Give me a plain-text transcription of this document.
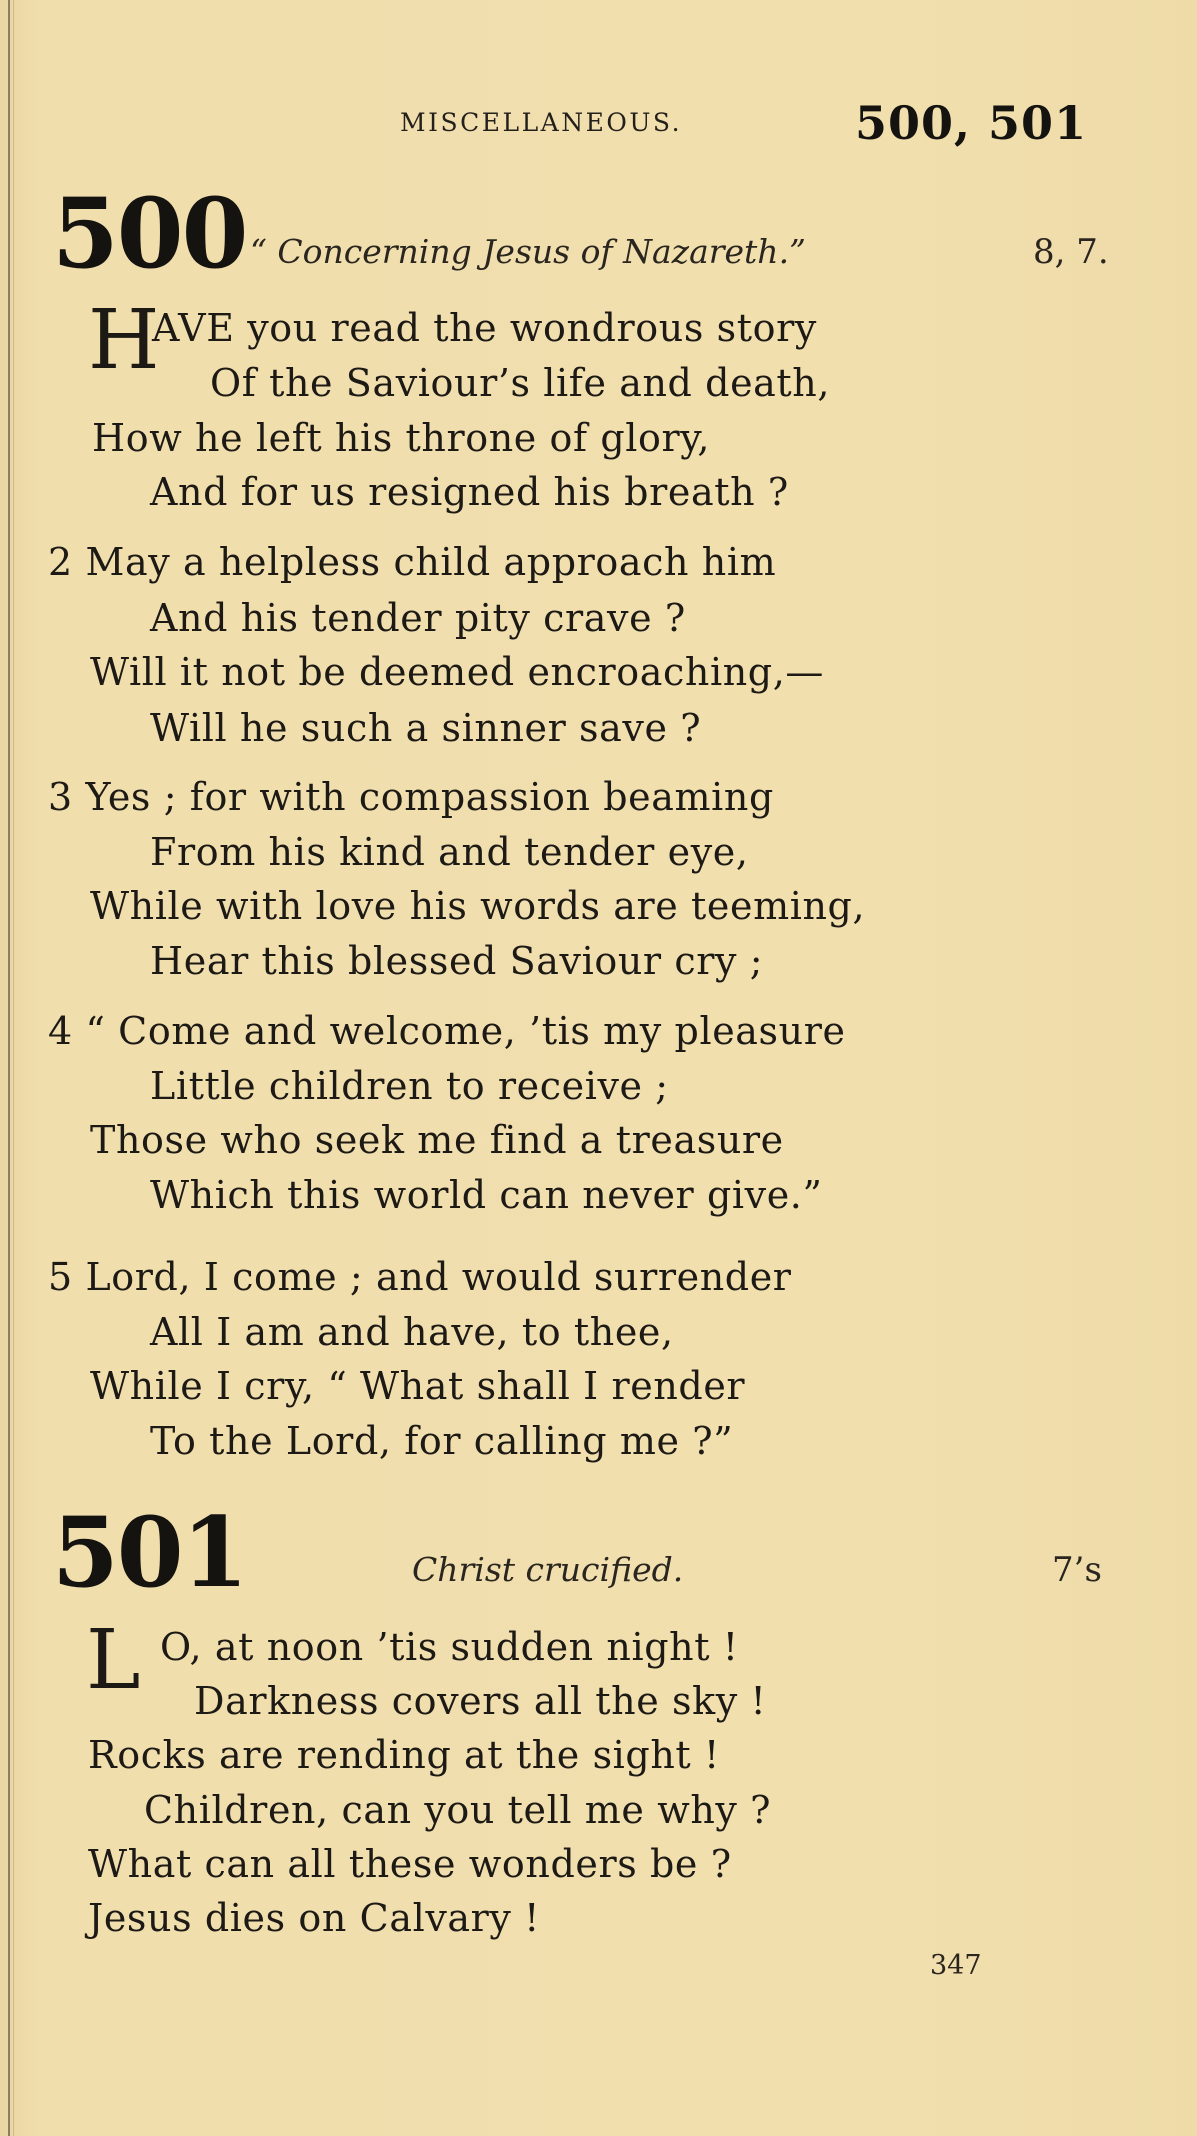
MISCELLANEOUS.	500, 501
500 “ Concerning Jesus of Nazareth.”	8, 7.
H
AVE you read the wondrous story
Of the Saviour’s life and death,
How he left his throne of glory,
And for us resigned his breath ?
2 May a helpless child approach him
And his tender pity crave ?
Will it not be deemed encroaching,—
Will he such a sinner save ?
3 Yes ; for with compassion beaming
From his kind and tender eye,
While with love his words are teeming,
Hear this blessed Saviour cry ;
4 “ Come and welcome, ’tis my pleasure
Little children to receive ;
Those who seek me find a treasure
Which this world can never give.”
5 Lord, I come ; and would surrender
All I am and have, to thee,
While I cry, “ What shall I render
To the Lord, for calling me ?”
501	Christ crucified.	7’s
L O, at noon ’tis sudden night !
Darkness covers all the sky !
Rocks are rending at the sight !
Children, can you tell me why ?
What can all these wonders be ?
Jesus dies on Calvary !
347
